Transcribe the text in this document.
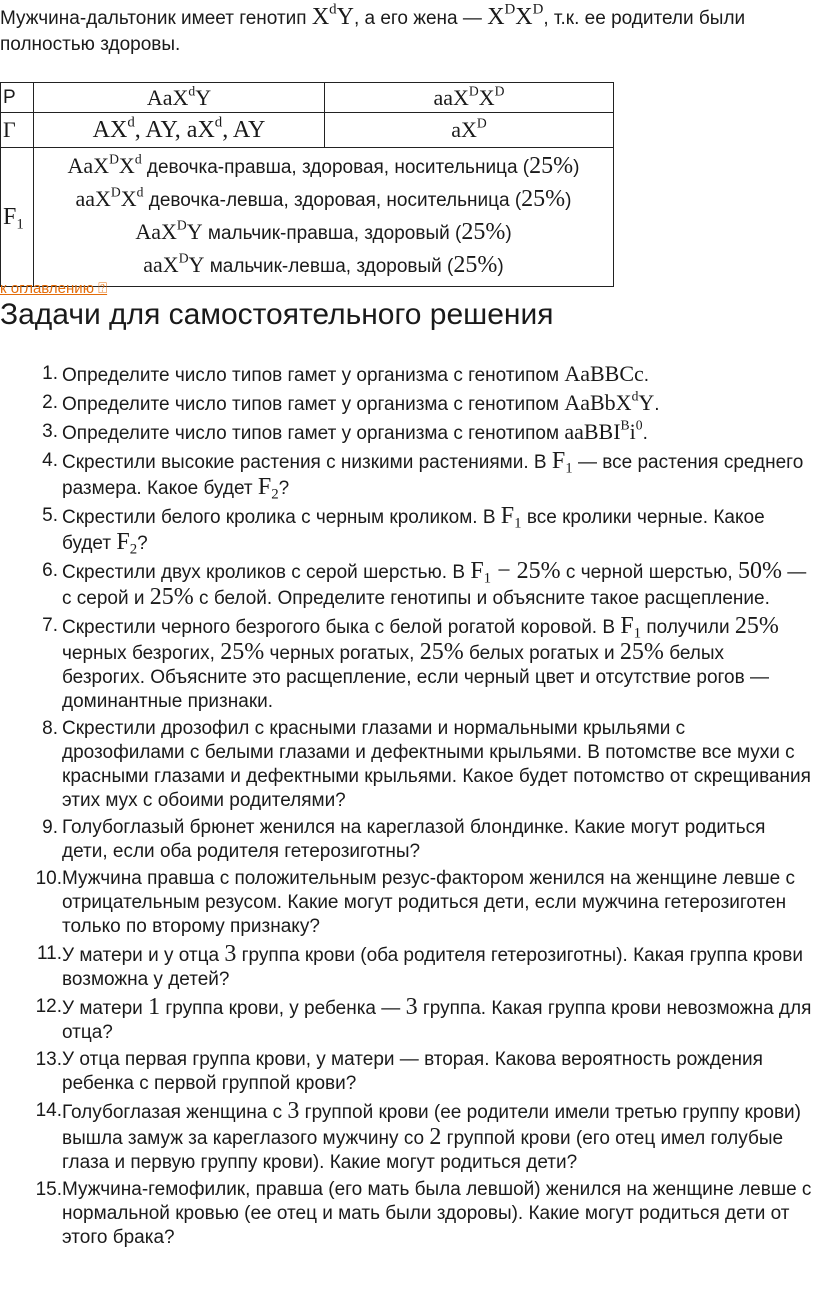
Мужчина-дальтоник имеет генотип $X^dY$, а его жена — $X^DX^D$, т.к. ее родители были полностью здоровы.
P	AaX$^d$Y	$aaX^DX^D$
Г	$AX^d$, AY, $aX^d$, AY	$aX^D$
$F_1$	$AaX^DX^d$ девочка-правша, здоровая, носительница (25%)
$aaX^DX^d$ девочка-левша, здоровая, носительница (25%)
AaX$^D$Y мальчик-правша, здоровый (25%)
aaX$^D$Y мальчик-левша, здоровый (25%)	
к оглавлению ⍰
Задачи для самостоятельного решения
1. Определите число типов гамет у организма с генотипом AaBBCc.
2. Определите число типов гамет у организма с генотипом AaBbX$^d$Y.
3. Определите число типов гамет у организма с генотипом $aaBBI^Bi^0$.
4. Скрестили высокие растения с низкими растениями. В $F_1$ — все растения среднего размера. Какое будет $F_2$?
5. Скрестили белого кролика с черным кроликом. В $F_1$ все кролики черные. Какое будет $F_2$?
6. Скрестили двух кроликов с серой шерстью. В $F_1 - 25\%$ с черной шерстью, 50% — с серой и 25% с белой. Определите генотипы и объясните такое расщепление.
7. Скрестили черного безрогого быка с белой рогатой коровой. В $F_1$ получили 25% черных безрогих, 25% черных рогатых, 25% белых рогатых и 25% белых безрогих. Объясните это расщепление, если черный цвет и отсутствие рогов — доминантные признаки.
8. Скрестили дрозофил с красными глазами и нормальными крыльями с дрозофилами с белыми глазами и дефектными крыльями. В потомстве все мухи с красными глазами и дефектными крыльями. Какое будет потомство от скрещивания этих мух с обоими родителями?
9. Голубоглазый брюнет женился на кареглазой блондинке. Какие могут родиться дети, если оба родителя гетерозиготны?
10. Мужчина правша с положительным резус-фактором женился на женщине левше с отрицательным резусом. Какие могут родиться дети, если мужчина гетерозиготен только по второму признаку?
11. У матери и у отца 3 группа крови (оба родителя гетерозиготны). Какая группа крови возможна у детей?
12. У матери 1 группа крови, у ребенка — 3 группа. Какая группа крови невозможна для отца?
13. У отца первая группа крови, у матери — вторая. Какова вероятность рождения ребенка с первой группой крови?
14. Голубоглазая женщина с 3 группой крови (ее родители имели третью группу крови) вышла замуж за кареглазого мужчину со 2 группой крови (его отец имел голубые глаза и первую группу крови). Какие могут родиться дети?
15. Мужчина-гемофилик, правша (его мать была левшой) женился на женщине левше с нормальной кровью (ее отец и мать были здоровы). Какие могут родиться дети от этого брака?
